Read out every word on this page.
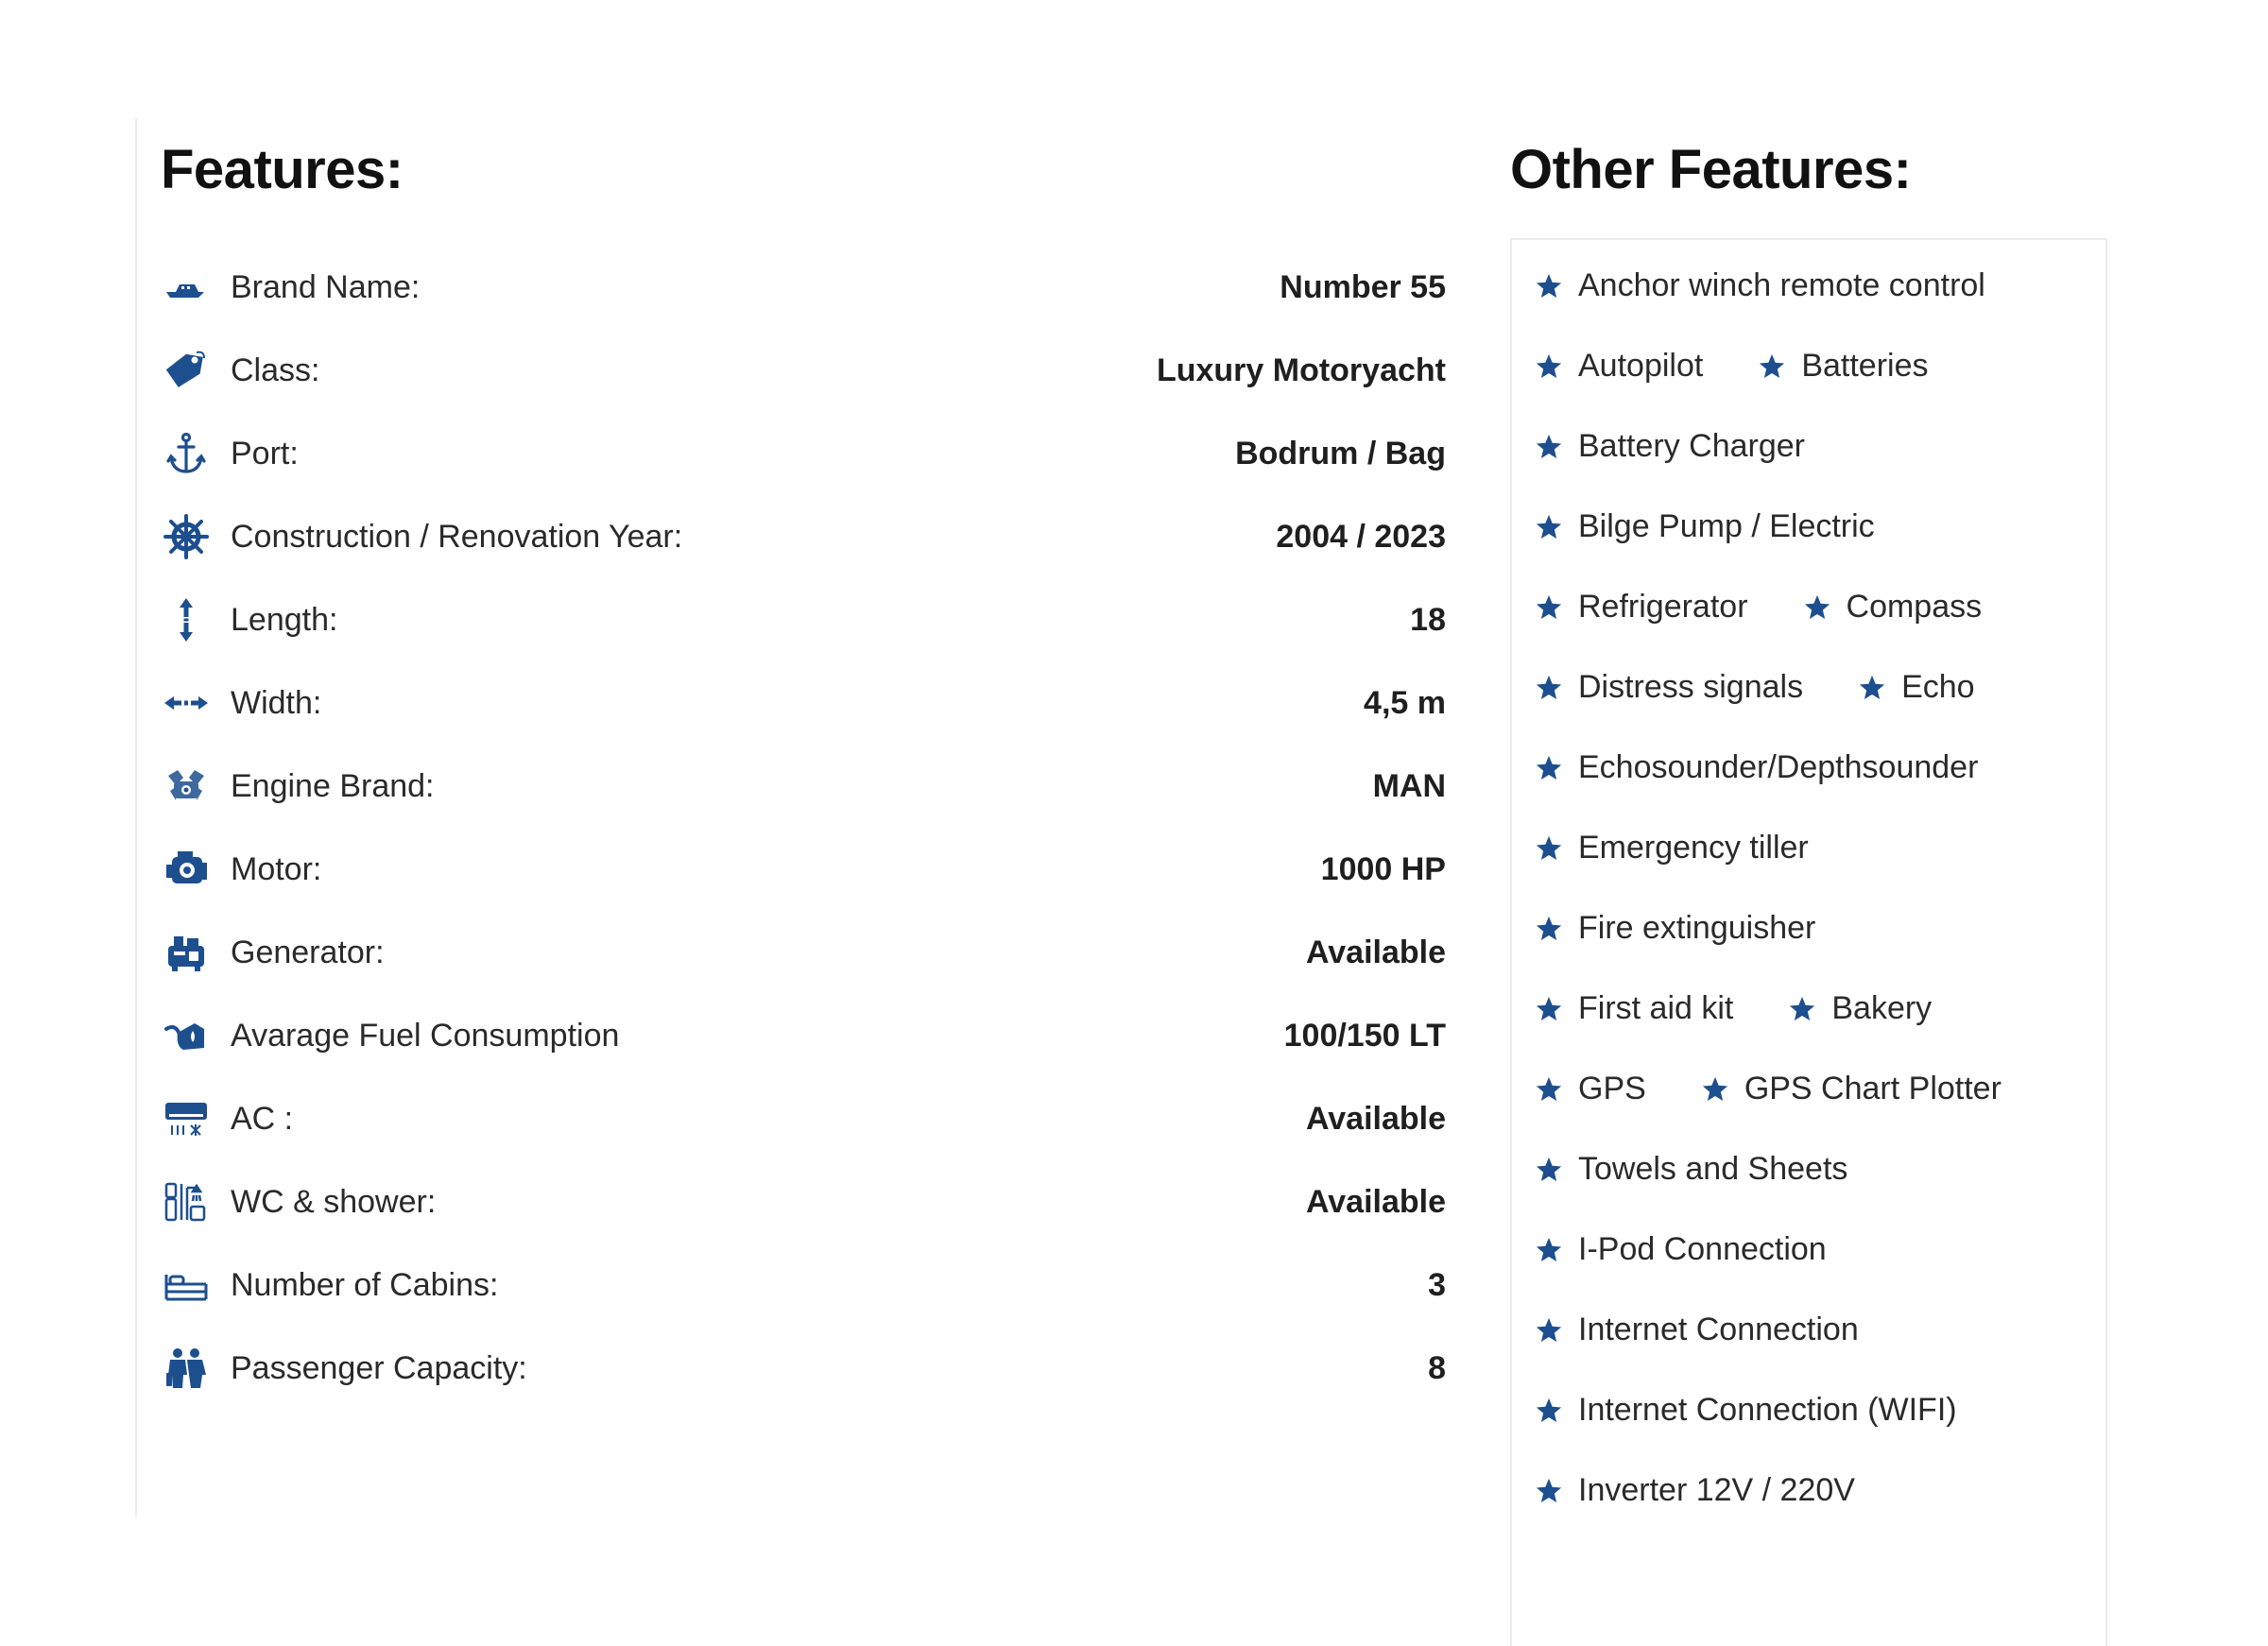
Features:
Brand Name:	Number 55
Class:	Luxury Motoryacht
Port:	Bodrum / Bag
Construction / Renovation Year:	2004 / 2023
Length:	18
Width:	4,5 m
Engine Brand:	MAN
Motor:	1000 HP
Generator:	Available
Avarage Fuel Consumption	100/150 LT
AC :	Available
WC & shower:	Available
Number of Cabins:	3
Passenger Capacity:	8
Other Features:
Anchor winch remote control
Autopilot	Batteries
Battery Charger
Bilge Pump / Electric
Refrigerator	Compass
Distress signals	Echo
Echosounder/Depthsounder
Emergency tiller
Fire extinguisher
First aid kit	Bakery
GPS	GPS Chart Plotter
Towels and Sheets
I-Pod Connection
Internet Connection
Internet Connection (WIFI)
Inverter 12V / 220V
